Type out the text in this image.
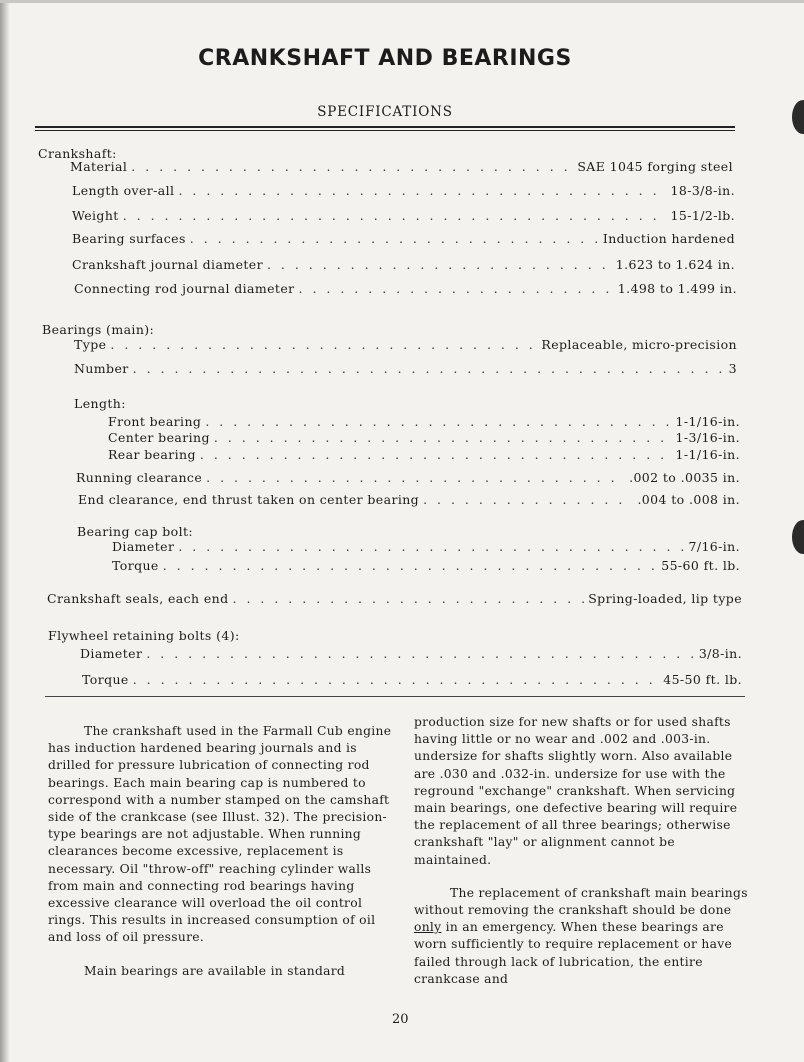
CRANKSHAFT AND BEARINGS
SPECIFICATIONS
Crankshaft:
Material . . .	SAE 1045 forging steel
Length over-all . . .	18-3/8-in.
Weight . . .	15-1/2-lb.
Bearing surfaces . . .	Induction hardened
Crankshaft journal diameter . . .	1.623 to 1.624 in.
Connecting rod journal diameter . . .	1.498 to 1.499 in.
Bearings (main):
Type . . .	Replaceable, micro-precision
Number . . .	3
Length:
Front bearing . . .	1-1/16-in.
Center bearing . . .	1-3/16-in.
Rear bearing . . .	1-1/16-in.
Running clearance . . .	.002 to .0035 in.
End clearance, end thrust taken on center bearing . . .	.004 to .008 in.
Bearing cap bolt:
Diameter . . .	7/16-in.
Torque . . .	55-60 ft. lb.
Crankshaft seals, each end . . .	Spring-loaded, lip type
Flywheel retaining bolts (4):
Diameter . . .	3/8-in.
Torque . . .	45-50 ft. lb.

The crankshaft used in the Farmall Cub engine has induction hardened bearing journals and is drilled for pressure lubrication of connecting rod bearings. Each main bearing cap is numbered to correspond with a number stamped on the camshaft side of the crankcase (see Illust. 32). The precision-type bearings are not adjustable. When running clearances become excessive, replacement is necessary. Oil "throw-off" reaching cylinder walls from main and connecting rod bearings having excessive clearance will overload the oil control rings. This results in increased consumption of oil and loss of oil pressure.

Main bearings are available in standard

production size for new shafts or for used shafts having little or no wear and .002 and .003-in. undersize for shafts slightly worn. Also available are .030 and .032-in. undersize for use with the reground "exchange" crankshaft. When servicing main bearings, one defective bearing will require the replacement of all three bearings; otherwise crankshaft "lay" or alignment cannot be maintained.

The replacement of crankshaft main bearings without removing the crankshaft should be done only in an emergency. When these bearings are worn sufficiently to require replacement or have failed through lack of lubrication, the entire crankcase and

20
